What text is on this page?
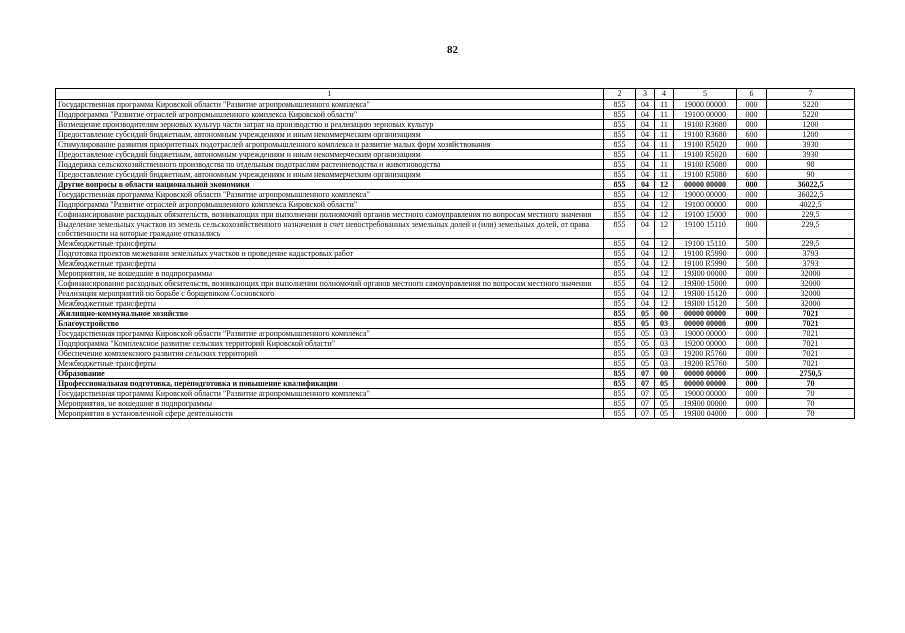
82
1	2	3	4	5	6	7
Государственная программа Кировской области "Развитие агропромышленного комплекса"	855	04	11	19000 00000	000	5220
Подпрограмма "Развитие отраслей агропромышленного комплекса Кировской области"	855	04	11	19100 00000	000	5220
Возмещение производителям зерновых культур части затрат на производство и реализацию зерновых культур	855	04	11	19100 R3680	000	1200
Предоставление субсидий бюджетным, автономным учреждениям и иным некоммерческим организациям	855	04	11	19100 R3680	600	1200
Стимулирование развития приоритетных подотраслей агропромышленного комплекса и развитие малых форм хозяйствования	855	04	11	19100 R5020	000	3930
Предоставление субсидий бюджетным, автономным учреждениям и иным некоммерческим организациям	855	04	11	19100 R5020	600	3930
Поддержка сельскохозяйственного производства по отдельным подотраслям растениеводства и животноводства	855	04	11	19100 R5080	000	90
Предоставление субсидий бюджетным, автономным учреждениям и иным некоммерческим организациям	855	04	11	19100 R5080	600	90
Другие вопросы в области национальной экономики	855	04	12	00000 00000	000	36022,5
Государственная программа Кировской области "Развитие агропромышленного комплекса"	855	04	12	19000 00000	000	36022,5
Подпрограмма "Развитие отраслей агропромышленного комплекса Кировской области"	855	04	12	19100 00000	000	4022,5
Софинансирование расходных обязательств, возникающих при выполнении полномочий органов местного самоуправления по вопросам местного значения	855	04	12	19100 15000	000	229,5
Выделение земельных участков из земель сельскохозяйственного назначения в счет невостребованных земельных долей и (или) земельных долей, от права собственности на которые граждане отказались	855	04	12	19100 15110	000	229,5
Межбюджетные трансферты	855	04	12	19100 15110	500	229,5
Подготовка проектов межевания земельных участков и проведение кадастровых работ	855	04	12	19100 R5990	000	3793
Межбюджетные трансферты	855	04	12	19100 R5990	500	3793
Мероприятия, не вошедшие в подпрограммы	855	04	12	19Я00 00000	000	32000
Софинансирование расходных обязательств, возникающих при выполнении полномочий органов местного самоуправления по вопросам местного значения	855	04	12	19Я00 15000	000	32000
Реализация мероприятий по борьбе с борщевиком Сосновского	855	04	12	19Я00 15120	000	32000
Межбюджетные трансферты	855	04	12	19Я00 15120	500	32000
Жилищно-коммунальное хозяйство	855	05	00	00000 00000	000	7021
Благоустройство	855	05	03	00000 00000	000	7021
Государственная программа Кировской области "Развитие агропромышленного комплекса"	855	05	03	19000 00000	000	7021
Подпрограмма "Комплексное развитие сельских территорий Кировской области"	855	05	03	19200 00000	000	7021
Обеспечение комплексного развития сельских территорий	855	05	03	19200 R5760	000	7021
Межбюджетные трансферты	855	05	03	19200 R5760	500	7021
Образование	855	07	00	00000 00000	000	2750,5
Профессиональная подготовка, переподготовка и повышение квалификации	855	07	05	00000 00000	000	70
Государственная программа Кировской области "Развитие агропромышленного комплекса"	855	07	05	19000 00000	000	70
Мероприятия, не вошедшие в подпрограммы	855	07	05	19Я00 00000	000	70
Мероприятия в установленной сфере деятельности	855	07	05	19Я00 04000	000	70
